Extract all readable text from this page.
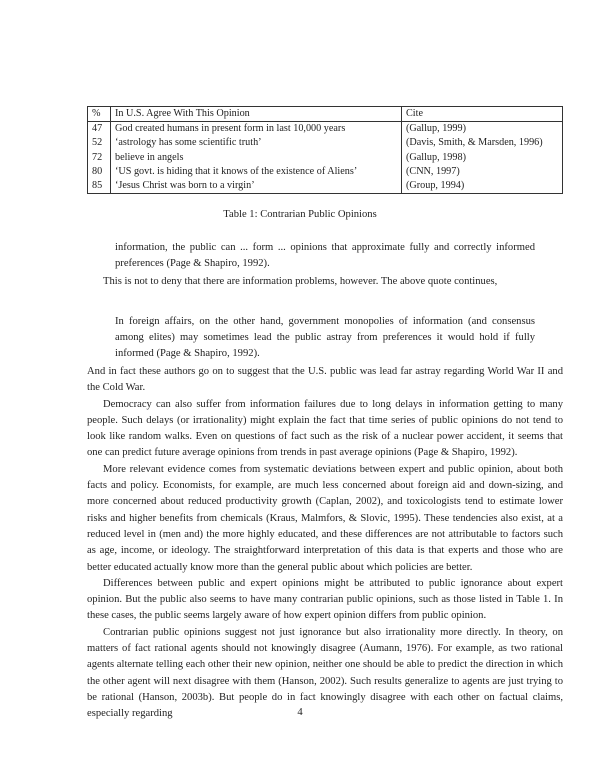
%	In U.S. Agree With This Opinion	Cite
47	God created humans in present form in last 10,000 years	(Gallup, 1999)
52	‘astrology has some scientific truth’	(Davis, Smith, & Marsden, 1996)
72	believe in angels	(Gallup, 1998)
80	‘US govt. is hiding that it knows of the existence of Aliens’	(CNN, 1997)
85	‘Jesus Christ was born to a virgin’	(Group, 1994)
Table 1: Contrarian Public Opinions

information, the public can ... form ... opinions that approximate fully and correctly informed preferences (Page & Shapiro, 1992).

This is not to deny that there are information problems, however. The above quote continues,

In foreign affairs, on the other hand, government monopolies of information (and consensus among elites) may sometimes lead the public astray from preferences it would hold if fully informed (Page & Shapiro, 1992).

And in fact these authors go on to suggest that the U.S. public was lead far astray regarding World War II and the Cold War.

Democracy can also suffer from information failures due to long delays in information getting to many people. Such delays (or irrationality) might explain the fact that time series of public opinions do not tend to look like random walks. Even on questions of fact such as the risk of a nuclear power accident, it seems that one can predict future average opinions from trends in past average opinions (Page & Shapiro, 1992).

More relevant evidence comes from systematic deviations between expert and public opinion, about both facts and policy. Economists, for example, are much less concerned about foreign aid and down-sizing, and more concerned about reduced productivity growth (Caplan, 2002), and toxicologists tend to estimate lower risks and higher benefits from chemicals (Kraus, Malmfors, & Slovic, 1995). These tendencies also exist, at a reduced level in (men and) the more highly educated, and these differences are not attributable to factors such as age, income, or ideology. The straightforward interpretation of this data is that experts and those who are better educated actually know more than the general public about which policies are better.

Differences between public and expert opinions might be attributed to public ignorance about expert opinion. But the public also seems to have many contrarian public opinions, such as those listed in Table 1. In these cases, the public seems largely aware of how expert opinion differs from public opinion.

Contrarian public opinions suggest not just ignorance but also irrationality more directly. In theory, on matters of fact rational agents should not knowingly disagree (Aumann, 1976). For example, as two rational agents alternate telling each other their new opinion, neither one should be able to predict the direction in which the other agent will next disagree with them (Hanson, 2002). Such results generalize to agents are just trying to be rational (Hanson, 2003b). But people do in fact knowingly disagree with each other on factual claims, especially regarding	4
